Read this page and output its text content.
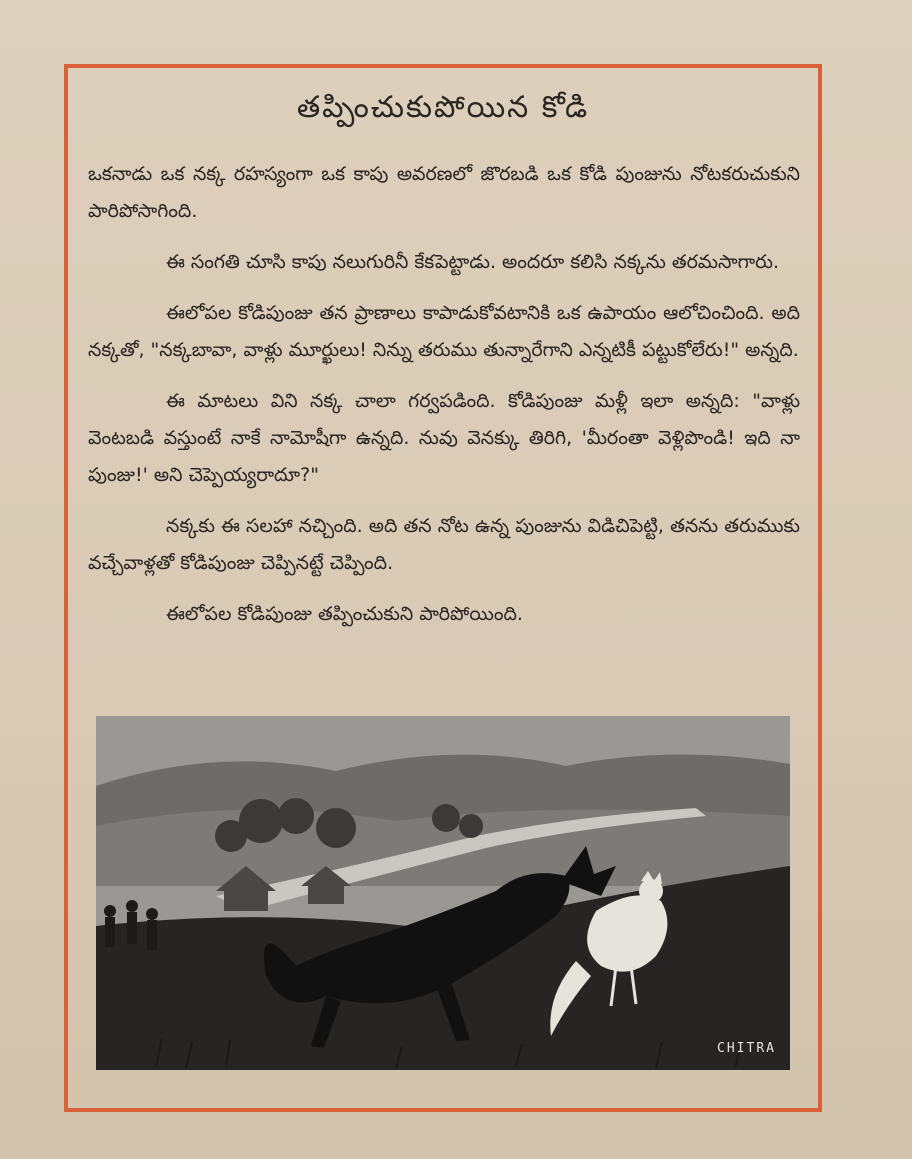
తప్పించుకుపోయిన కోడి

ఒకనాడు ఒక నక్క రహస్యంగా ఒక కాపు అవరణలో జొరబడి ఒక కోడి పుంజును నోటకరుచుకుని పారిపోసాగింది.

ఈ సంగతి చూసి కాపు నలుగురినీ కేకపెట్టాడు. అందరూ కలిసి నక్కను తరమసాగారు.

ఈలోపల కోడిపుంజు తన ప్రాణాలు కాపాడుకోవటానికి ఒక ఉపాయం ఆలోచించింది. అది నక్కతో, "నక్కబావా, వాళ్లు మూర్ఖులు! నిన్ను తరుము తున్నారేగాని ఎన్నటికీ పట్టుకోలేరు!" అన్నది.

ఈ మాటలు విని నక్క చాలా గర్వపడింది. కోడిపుంజు మళ్లీ ఇలా అన్నది: "వాళ్లు వెంటబడి వస్తుంటే నాకే నామోషీగా ఉన్నది. నువు వెనక్కు తిరిగి, 'మీరంతా వెళ్లిపొండి! ఇది నా పుంజు!' అని చెప్పెయ్యరాదూ?"

నక్కకు ఈ సలహా నచ్చింది. అది తన నోట ఉన్న పుంజును విడిచిపెట్టి, తనను తరుముకు వచ్చేవాళ్లతో కోడిపుంజు చెప్పినట్టే చెప్పింది.

ఈలోపల కోడిపుంజు తప్పించుకుని పారిపోయింది.

CHITRA
